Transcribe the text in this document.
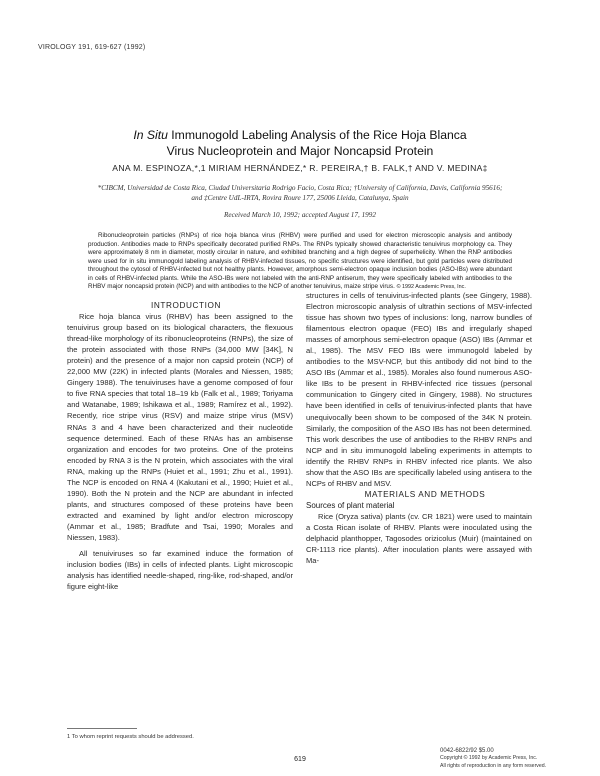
VIROLOGY 191, 619-627 (1992)
In Situ Immunogold Labeling Analysis of the Rice Hoja Blanca
Virus Nucleoprotein and Major Noncapsid Protein
ANA M. ESPINOZA,*,1 MIRIAM HERNÁNDEZ,* R. PEREIRA,† B. FALK,† AND V. MEDINA‡
*CIBCM, Universidad de Costa Rica, Ciudad Universitaria Rodrigo Facio, Costa Rica; †University of California, Davis, California 95616;
and ‡Centre UdL-IRTA, Rovira Roure 177, 25006 Lleida, Catalunya, Spain
Received March 10, 1992; accepted August 17, 1992
Ribonucleoprotein particles (RNPs) of rice hoja blanca virus (RHBV) were purified and used for electron microscopic analysis and antibody production. Antibodies made to RNPs specifically decorated purified RNPs. The RNPs typically showed characteristic tenuivirus morphology ca. They were approximately 8 nm in diameter, mostly circular in nature, and exhibited branching and a high degree of superhelicity. When the RNP antibodies were used for in situ immunogold labeling analysis of RHBV-infected tissues, no specific structures were identified, but gold particles were distributed throughout the cytosol of RHBV-infected but not healthy plants. However, amorphous semi-electron opaque inclusion bodies (ASO-IBs) were abundant in cells of RHBV-infected plants. While the ASO-IBs were not labeled with the anti-RNP antiserum, they were specifically labeled with antibodies to the RHBV major noncapsid protein (NCP) and with antibodies to the NCP of another tenuivirus, maize stripe virus. © 1992 Academic Press, Inc.

INTRODUCTION

Rice hoja blanca virus (RHBV) has been assigned to the tenuivirus group based on its biological characters, the flexuous thread-like morphology of its ribonucleoproteins (RNPs), the size of the protein associated with those RNPs (34,000 MW [34K], N protein) and the presence of a major non capsid protein (NCP) of 22,000 MW (22K) in infected plants (Morales and Niessen, 1985; Gingery 1988). The tenuiviruses have a genome composed of four to five RNA species that total 18–19 kb (Falk et al., 1989; Toriyama and Watanabe, 1989; Ishikawa et al., 1989; Ramírez et al., 1992). Recently, rice stripe virus (RSV) and maize stripe virus (MSV) RNAs 3 and 4 have been characterized and their nucleotide sequence determined. Each of these RNAs has an ambisense organization and encodes for two proteins. One of the proteins encoded by RNA 3 is the N protein, which associates with the viral RNA, making up the RNPs (Huiet et al., 1991; Zhu et al., 1991). The NCP is encoded on RNA 4 (Kakutani et al., 1990; Huiet et al., 1990). Both the N protein and the NCP are abundant in infected plants, and structures composed of these proteins have been extracted and examined by light and/or electron microscopy (Ammar et al., 1985; Bradfute and Tsai, 1990; Morales and Niessen, 1983).

All tenuiviruses so far examined induce the formation of inclusion bodies (IBs) in cells of infected plants. Light microscopic analysis has identified needle-shaped, ring-like, rod-shaped, and/or figure eight-like

structures in cells of tenuivirus-infected plants (see Gingery, 1988). Electron microscopic analysis of ultrathin sections of MSV-infected tissue has shown two types of inclusions: long, narrow bundles of filamentous electron opaque (FEO) IBs and irregularly shaped masses of amorphous semi-electron opaque (ASO) IBs (Ammar et al., 1985). The MSV FEO IBs were immunogold labeled by antibodies to the MSV-NCP, but this antibody did not bind to the ASO IBs (Ammar et al., 1985). Morales also found numerous ASO-like IBs to be present in RHBV-infected rice tissues (personal communication to Gingery cited in Gingery, 1988). No structures have been identified in cells of tenuivirus-infected plants that have unequivocally been shown to be composed of the 34K N protein. Similarly, the composition of the ASO IBs has not been determined. This work describes the use of antibodies to the RHBV RNPs and NCP and in situ immunogold labeling experiments in attempts to identify the RHBV RNPs in RHBV infected rice plants. We also show that the ASO IBs are specifically labeled using antisera to the NCPs of RHBV and MSV.

MATERIALS AND METHODS

Sources of plant material

Rice (Oryza sativa) plants (cv. CR 1821) were used to maintain a Costa Rican isolate of RHBV. Plants were inoculated using the delphacid planthopper, Tagosodes orizicolus (Muir) (maintained on CR-1113 rice plants). After inoculation plants were assayed with Ma-

1 To whom reprint requests should be addressed.
619
0042-6822/92 $5.00
Copyright © 1992 by Academic Press, Inc.
All rights of reproduction in any form reserved.
